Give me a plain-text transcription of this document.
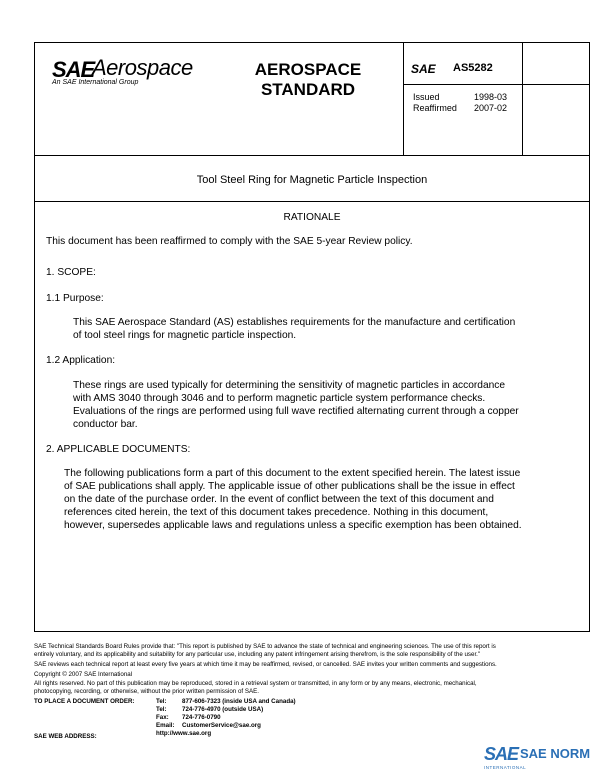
SAE
Aerospace
An SAE International Group
AEROSPACE
STANDARD
SAE AS5282
Issued	1998-03
Reaffirmed 2007-02
Tool Steel Ring for Magnetic Particle Inspection
RATIONALE
This document has been reaffirmed to comply with the SAE 5-year Review policy.
1. SCOPE:
1.1 Purpose:
This SAE Aerospace Standard (AS) establishes requirements for the manufacture and certification
of tool steel rings for magnetic particle inspection.
1.2 Application:
These rings are used typically for determining the sensitivity of magnetic particles in accordance
with AMS 3040 through 3046 and to perform magnetic particle system performance checks.
Evaluations of the rings are performed using full wave rectified alternating current through a copper
conductor bar.
2. APPLICABLE DOCUMENTS:
The following publications form a part of this document to the extent specified herein. The latest issue
of SAE publications shall apply. The applicable issue of other publications shall be the issue in effect
on the date of the purchase order. In the event of conflict between the text of this document and
references cited herein, the text of this document takes precedence. Nothing in this document,
however, supersedes applicable laws and regulations unless a specific exemption has been obtained.
SAE Technical Standards Board Rules provide that: "This report is published by SAE to advance the state of technical and engineering sciences. The use of this report is
entirely voluntary, and its applicability and suitability for any particular use, including any patent infringement arising therefrom, is the sole responsibility of the user."
SAE reviews each technical report at least every five years at which time it may be reaffirmed, revised, or cancelled. SAE invites your written comments and suggestions.
Copyright © 2007 SAE International
All rights reserved. No part of this publication may be reproduced, stored in a retrieval system or transmitted, in any form or by any means, electronic, mechanical,
photocopying, recording, or otherwise, without the prior written permission of SAE.
TO PLACE A DOCUMENT ORDER:	Tel: 877-606-7323 (inside USA and Canada)
Tel: 724-776-4970 (outside USA)
Fax: 724-776-0790
Email: CustomerService@sae.org
SAE WEB ADDRESS:	http://www.sae.org
SAE SAE NORM
INTERNATIONAL
